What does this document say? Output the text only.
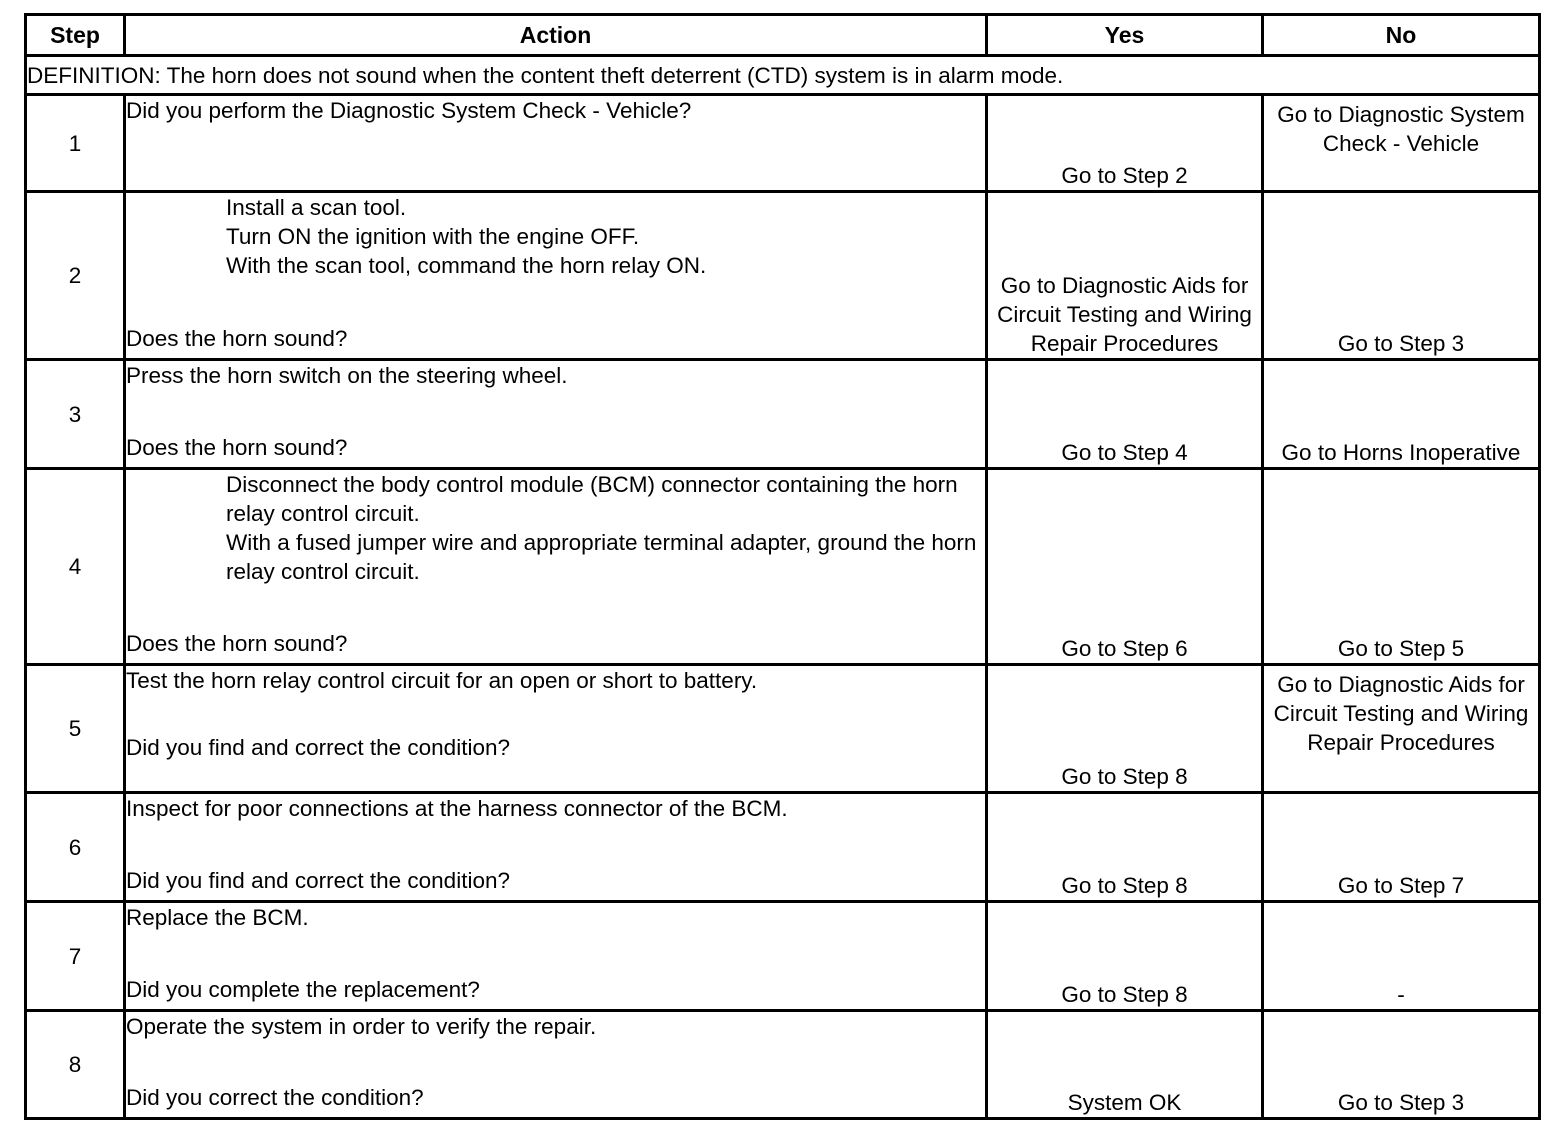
Step	Action	Yes	No
DEFINITION: The horn does not sound when the content theft deterrent (CTD) system is in alarm mode.			
1	Did you perform the Diagnostic System Check - Vehicle?	Go to Step 2	Go to Diagnostic System Check - Vehicle
2	Install a scan tool.
Turn ON the ignition with the engine OFF.
With the scan tool, command the horn relay ON.
Does the horn sound?	Go to Diagnostic Aids for Circuit Testing and Wiring Repair Procedures	Go to Step 3
3	Press the horn switch on the steering wheel.
Does the horn sound?	Go to Step 4	Go to Horns Inoperative
4	Disconnect the body control module (BCM) connector containing the horn relay control circuit.
With a fused jumper wire and appropriate terminal adapter, ground the horn relay control circuit.
Does the horn sound?	Go to Step 6	Go to Step 5
5	Test the horn relay control circuit for an open or short to battery.
Did you find and correct the condition?	Go to Step 8	Go to Diagnostic Aids for Circuit Testing and Wiring Repair Procedures
6	Inspect for poor connections at the harness connector of the BCM.
Did you find and correct the condition?	Go to Step 8	Go to Step 7
7	Replace the BCM.
Did you complete the replacement?	Go to Step 8	-
8	Operate the system in order to verify the repair.
Did you correct the condition?	System OK	Go to Step 3
